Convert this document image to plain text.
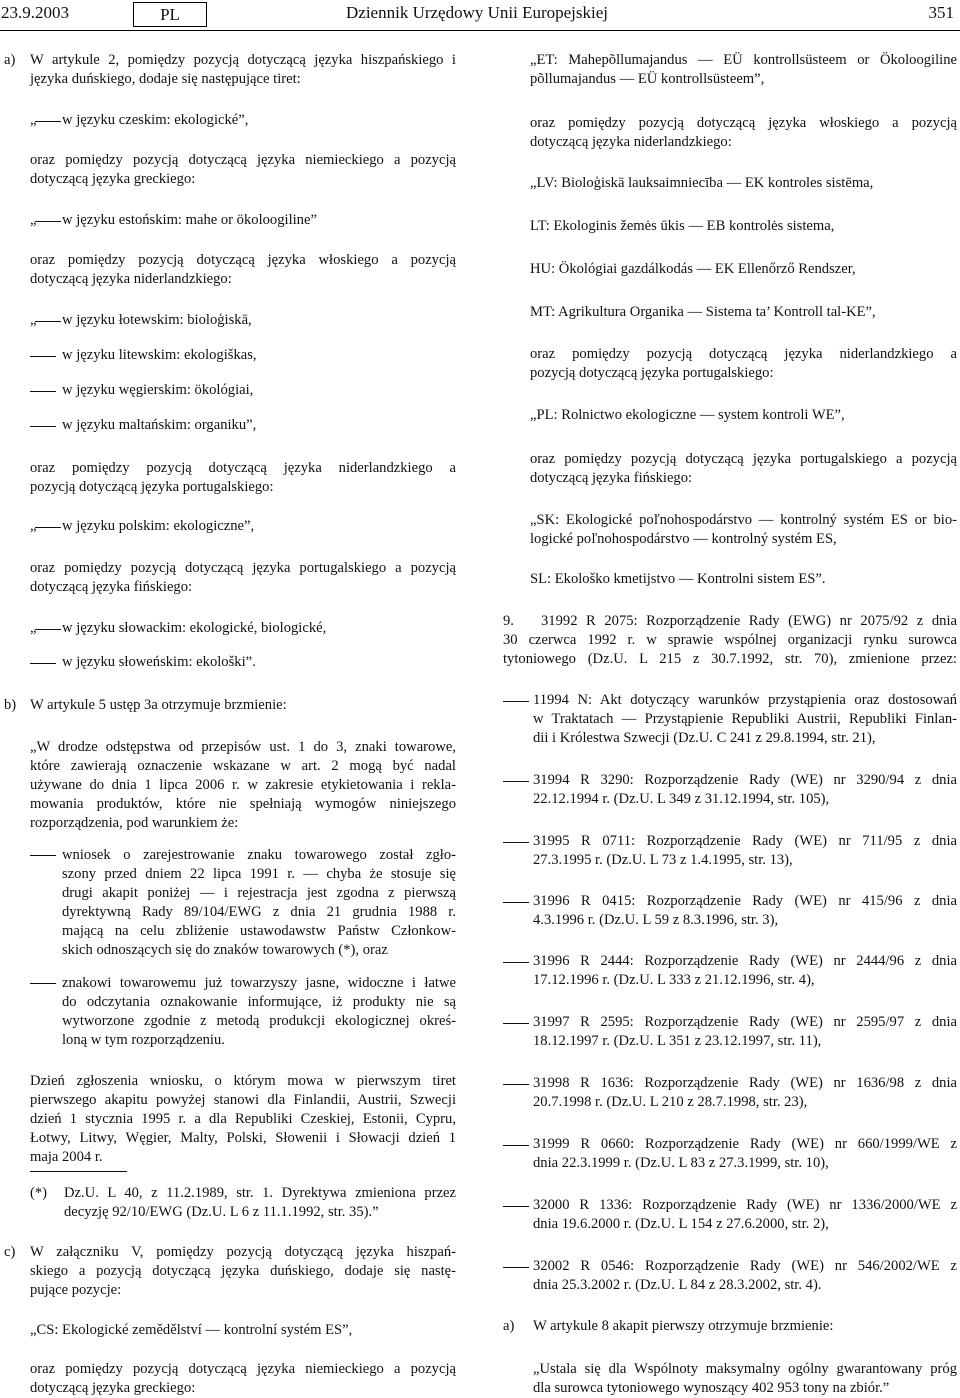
23.9.2003	PL	Dziennik Urzędowy Unii Europejskiej	351
a) W artykule 2, pomiędzy pozycją dotyczącą języka hiszpańskiego i
języka duńskiego, dodaje się następujące tiret:
„ w języku czeskim: ekologické”,
oraz pomiędzy pozycją dotyczącą języka niemieckiego a pozycją
dotyczącą języka greckiego:
„ w języku estońskim: mahe or ökoloogiline”
oraz pomiędzy pozycją dotyczącą języka włoskiego a pozycją
dotyczącą języka niderlandzkiego:
„ w języku łotewskim: bioloģiskā,
w języku litewskim: ekologiškas,
w języku węgierskim: ökológiai,
w języku maltańskim: organiku”,
oraz pomiędzy pozycją dotyczącą języka niderlandzkiego a
pozycją dotyczącą języka portugalskiego:
„ w języku polskim: ekologiczne”,
oraz pomiędzy pozycją dotyczącą języka portugalskiego a pozycją
dotyczącą języka fińskiego:
„ w języku słowackim: ekologické, biologické,
w języku słoweńskim: ekološki”.
b) W artykule 5 ustęp 3a otrzymuje brzmienie:
„W drodze odstępstwa od przepisów ust. 1 do 3, znaki towarowe,
które zawierają oznaczenie wskazane w art. 2 mogą być nadal
używane do dnia 1 lipca 2006 r. w zakresie etykietowania i rekla-
mowania produktów, które nie spełniają wymogów niniejszego
rozporządzenia, pod warunkiem że:
wniosek o zarejestrowanie znaku towarowego został zgło-
szony przed dniem 22 lipca 1991 r. — chyba że stosuje się
drugi akapit poniżej — i rejestracja jest zgodna z pierwszą
dyrektywną Rady 89/104/EWG z dnia 21 grudnia 1988 r.
mającą na celu zbliżenie ustawodawstw Państw Członkow-
skich odnoszących się do znaków towarowych (*), oraz
znakowi towarowemu już towarzyszy jasne, widoczne i łatwe
do odczytania oznakowanie informujące, iż produkty nie są
wytworzone zgodnie z metodą produkcji ekologicznej okreś-
loną w tym rozporządzeniu.
Dzień zgłoszenia wniosku, o którym mowa w pierwszym tiret
pierwszego akapitu powyżej stanowi dla Finlandii, Austrii, Szwecji
dzień 1 stycznia 1995 r. a dla Republiki Czeskiej, Estonii, Cypru,
Łotwy, Litwy, Węgier, Malty, Polski, Słowenii i Słowacji dzień 1
maja 2004 r.
(*) Dz.U. L 40, z 11.2.1989, str. 1. Dyrektywa zmieniona przez
decyzję 92/10/EWG (Dz.U. L 6 z 11.1.1992, str. 35).”
c) W załączniku V, pomiędzy pozycją dotyczącą języka hiszpań-
skiego a pozycją dotyczącą języka duńskiego, dodaje się nastę-
pujące pozycje:
„CS: Ekologické zemědělství — kontrolní systém ES”,
oraz pomiędzy pozycją dotyczącą języka niemieckiego a pozycją
dotyczącą języka greckiego:
„ET: Mahepõllumajandus — EÜ kontrollsüsteem or Ökoloogiline
põllumajandus — EÜ kontrollsüsteem”,
oraz pomiędzy pozycją dotyczącą języka włoskiego a pozycją
dotyczącą języka niderlandzkiego:
„LV: Bioloģiskā lauksaimniecība — EK kontroles sistēma,
LT: Ekologinis žemės ūkis — EB kontrolės sistema,
HU: Ökológiai gazdálkodás — EK Ellenőrző Rendszer,
MT: Agrikultura Organika — Sistema ta’ Kontroll tal-KE”,
oraz pomiędzy pozycją dotyczącą języka niderlandzkiego a
pozycją dotyczącą języka portugalskiego:
„PL: Rolnictwo ekologiczne — system kontroli WE”,
oraz pomiędzy pozycją dotyczącą języka portugalskiego a pozycją
dotyczącą języka fińskiego:
„SK: Ekologické poľnohospodárstvo — kontrolný systém ES or bio-
logické poľnohospodárstvo — kontrolný systém ES,
SL: Ekološko kmetijstvo — Kontrolni sistem ES”.
9. 31992 R 2075: Rozporządzenie Rady (EWG) nr 2075/92 z dnia
30 czerwca 1992 r. w sprawie wspólnej organizacji rynku surowca
tytoniowego (Dz.U. L 215 z 30.7.1992, str. 70), zmienione przez:
11994 N: Akt dotyczący warunków przystąpienia oraz dostosowań
w Traktatach — Przystąpienie Republiki Austrii, Republiki Finlan-
dii i Królestwa Szwecji (Dz.U. C 241 z 29.8.1994, str. 21),
31994 R 3290: Rozporządzenie Rady (WE) nr 3290/94 z dnia
22.12.1994 r. (Dz.U. L 349 z 31.12.1994, str. 105),
31995 R 0711: Rozporządzenie Rady (WE) nr 711/95 z dnia
27.3.1995 r. (Dz.U. L 73 z 1.4.1995, str. 13),
31996 R 0415: Rozporządzenie Rady (WE) nr 415/96 z dnia
4.3.1996 r. (Dz.U. L 59 z 8.3.1996, str. 3),
31996 R 2444: Rozporządzenie Rady (WE) nr 2444/96 z dnia
17.12.1996 r. (Dz.U. L 333 z 21.12.1996, str. 4),
31997 R 2595: Rozporządzenie Rady (WE) nr 2595/97 z dnia
18.12.1997 r. (Dz.U. L 351 z 23.12.1997, str. 11),
31998 R 1636: Rozporządzenie Rady (WE) nr 1636/98 z dnia
20.7.1998 r. (Dz.U. L 210 z 28.7.1998, str. 23),
31999 R 0660: Rozporządzenie Rady (WE) nr 660/1999/WE z
dnia 22.3.1999 r. (Dz.U. L 83 z 27.3.1999, str. 10),
32000 R 1336: Rozporządzenie Rady (WE) nr 1336/2000/WE z
dnia 19.6.2000 r. (Dz.U. L 154 z 27.6.2000, str. 2),
32002 R 0546: Rozporządzenie Rady (WE) nr 546/2002/WE z
dnia 25.3.2002 r. (Dz.U. L 84 z 28.3.2002, str. 4).
a) W artykule 8 akapit pierwszy otrzymuje brzmienie:
„Ustala się dla Wspólnoty maksymalny ogólny gwarantowany próg
dla surowca tytoniowego wynoszący 402 953 tony na zbiór.”
